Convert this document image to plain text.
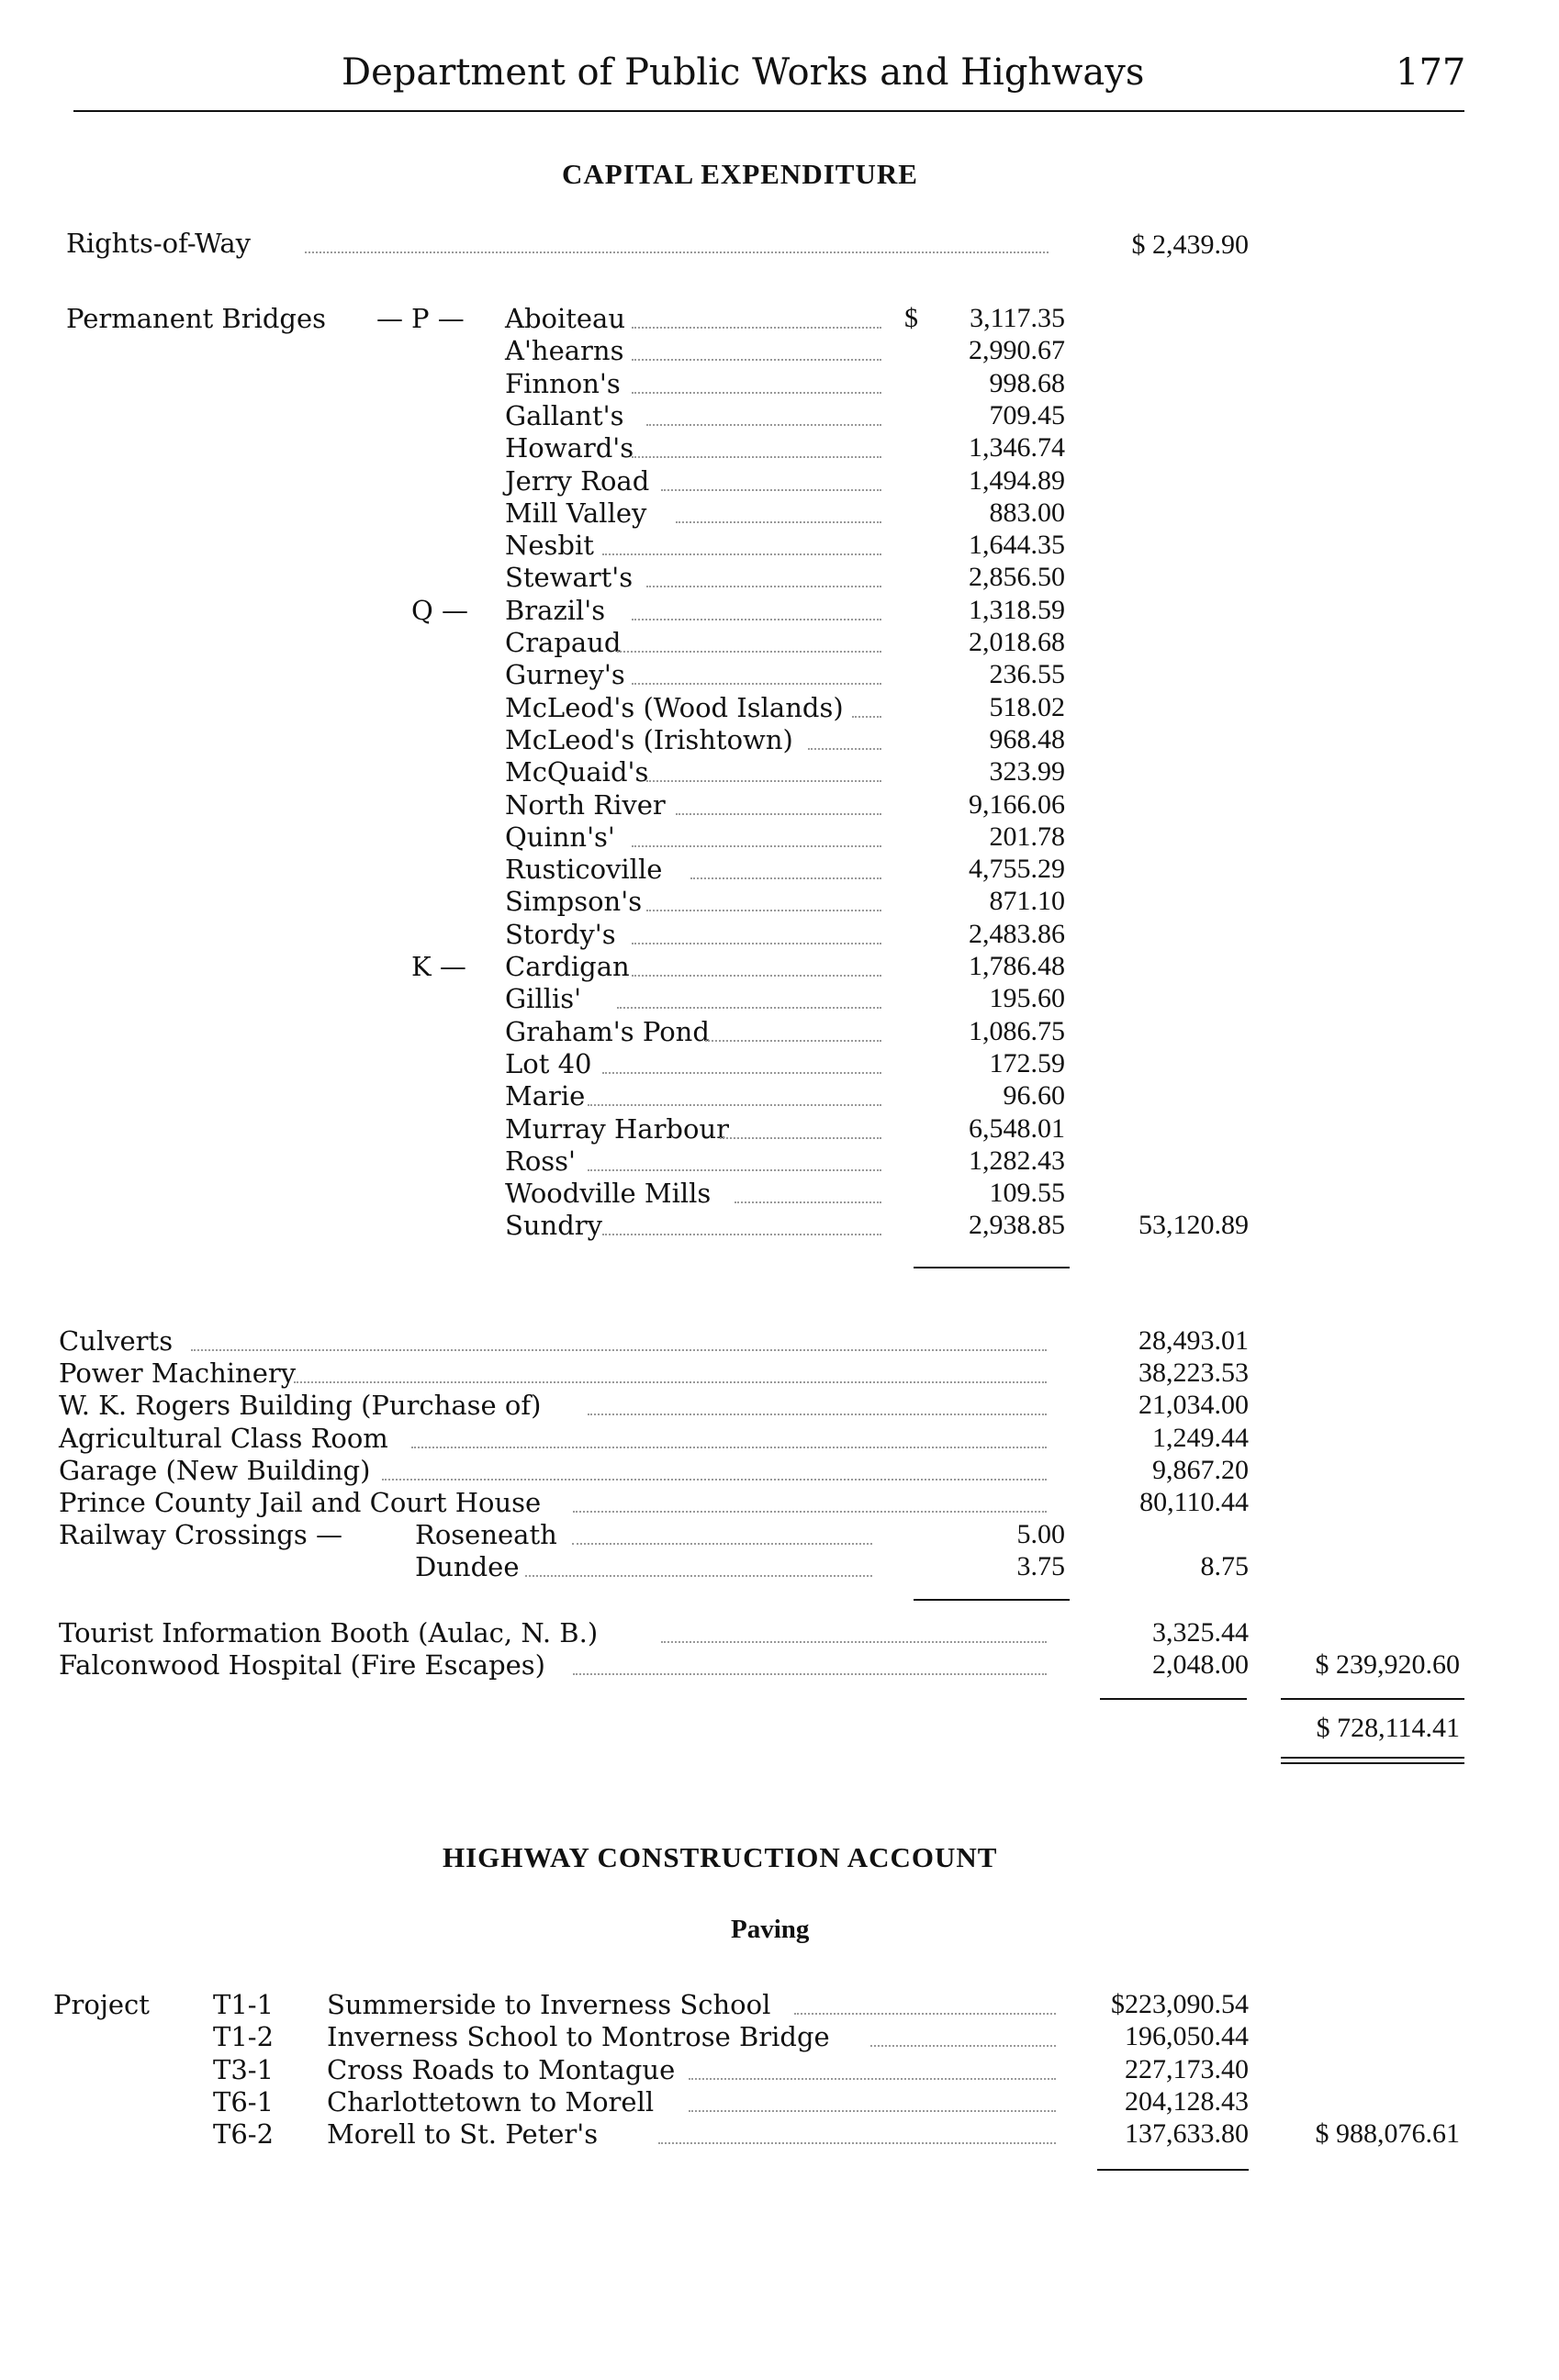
Department of Public Works and Highways	177
CAPITAL EXPENDITURE
Rights-of-Way	$ 2,439.90
Permanent Bridges — P — Aboiteau	$	3,117.35
A'hearns	2,990.67
Finnon's	998.68
Gallant's	709.45
Howard's	1,346.74
Jerry Road	1,494.89
Mill Valley	883.00
Nesbit	1,644.35
Stewart's	2,856.50
Q — Brazil's	1,318.59
Crapaud	2,018.68
Gurney's	236.55
McLeod's (Wood Islands)	518.02
McLeod's (Irishtown)	968.48
McQuaid's	323.99
North River	9,166.06
Quinn's'	201.78
Rusticoville	4,755.29
Simpson's	871.10
Stordy's	2,483.86
K — Cardigan	1,786.48
Gillis'	195.60
Graham's Pond	1,086.75
Lot 40	172.59
Marie	96.60
Murray Harbour	6,548.01
Ross'	1,282.43
Woodville Mills	109.55
Sundry	2,938.85	53,120.89
Culverts	28,493.01
Power Machinery	38,223.53
W. K. Rogers Building (Purchase of)	21,034.00
Agricultural Class Room	1,249.44
Garage (New Building)	9,867.20
Prince County Jail and Court House	80,110.44
Railway Crossings —	Roseneath	5.00
Dundee	3.75	8.75
Tourist Information Booth (Aulac, N. B.)	3,325.44
Falconwood Hospital (Fire Escapes)	2,048.00	$ 239,920.60
$ 728,114.41
HIGHWAY CONSTRUCTION ACCOUNT
Paving
Project T1-1 Summerside to Inverness School	$223,090.54
T1-2 Inverness School to Montrose Bridge	196,050.44
T3-1 Cross Roads to Montague	227,173.40
T6-1 Charlottetown to Morell	204,128.43
T6-2 Morell to St. Peter's	137,633.80	$ 988,076.61
